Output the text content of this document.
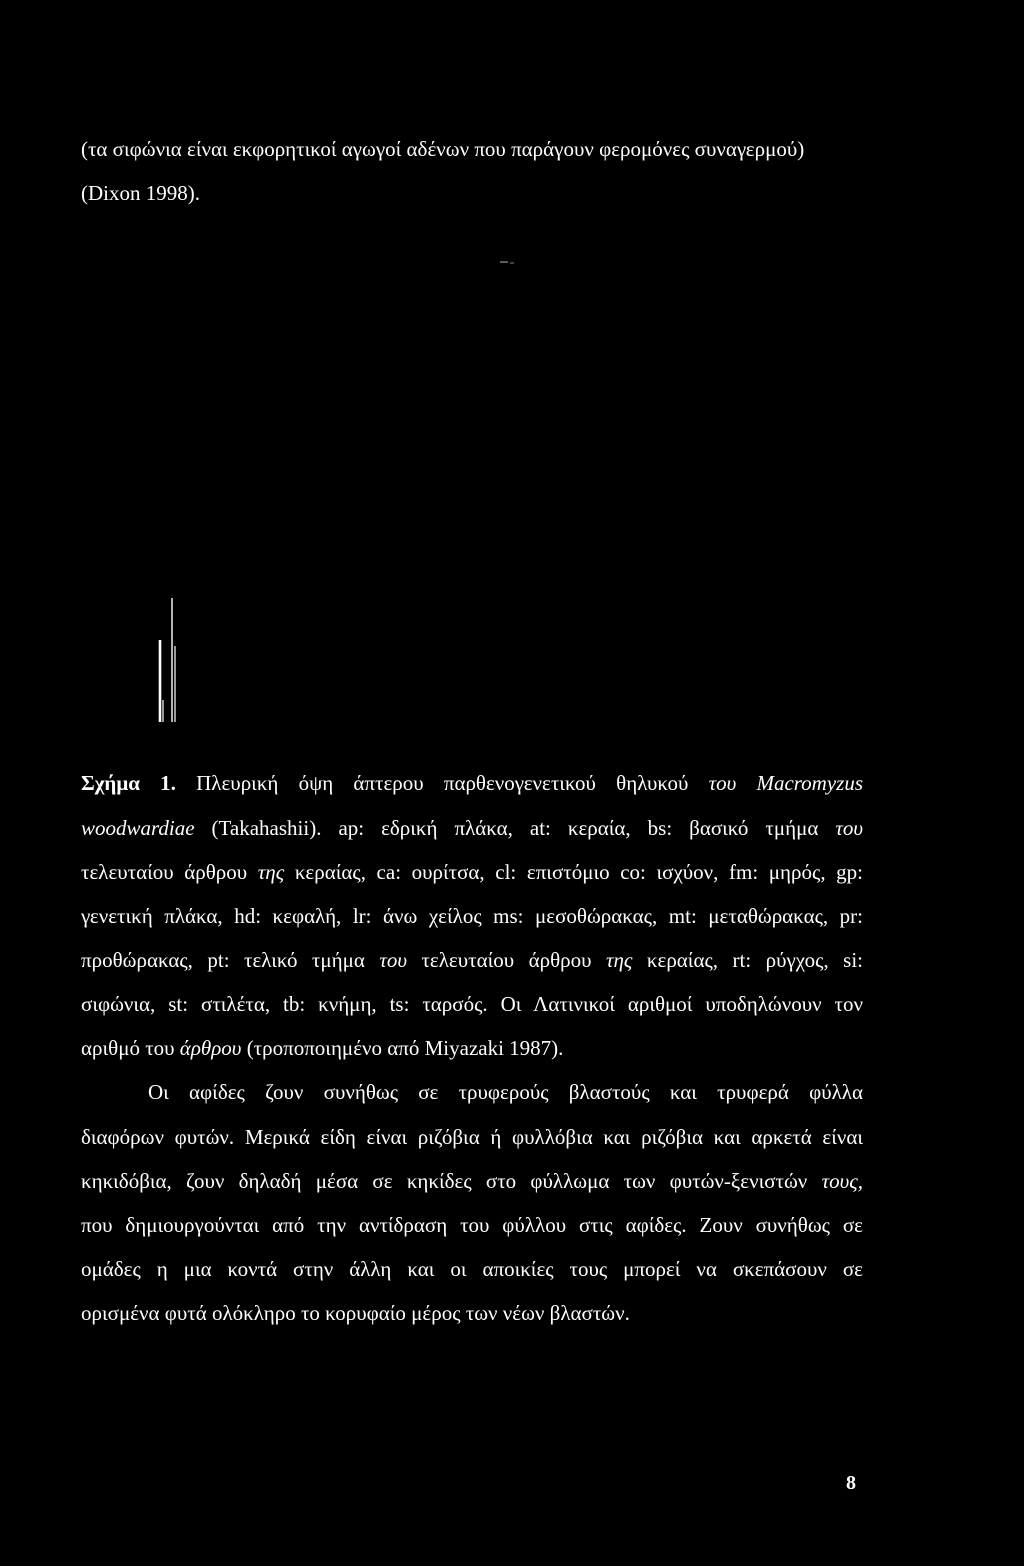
(τα σιφώνια είναι εκφορητικοί αγωγοί αδένων που παράγουν φερομόνες συναγερμού)
(Dixon 1998).
Σχήμα 1. Πλευρική όψη άπτερου παρθενογενετικού θηλυκού του Macromyzus
woodwardiae (Takahashii). ap: εδρική πλάκα, at: κεραία, bs: βασικό τμήμα του
τελευταίου άρθρου της κεραίας, ca: ουρίτσα, cl: επιστόμιο co: ισχύον, fm: μηρός, gp:
γενετική πλάκα, hd: κεφαλή, lr: άνω χείλος ms: μεσοθώρακας, mt: μεταθώρακας, pr:
προθώρακας, pt: τελικό τμήμα του τελευταίου άρθρου της κεραίας, rt: ρύγχος, si:
σιφώνια, st: στιλέτα, tb: κνήμη, ts: ταρσός. Οι Λατινικοί αριθμοί υποδηλώνουν τον
αριθμό του άρθρου (τροποποιημένο από Miyazaki 1987).
Οι αφίδες ζουν συνήθως σε τρυφερούς βλαστούς και τρυφερά φύλλα
διαφόρων φυτών. Μερικά είδη είναι ριζόβια ή φυλλόβια και ριζόβια και αρκετά είναι
κηκιδόβια, ζουν δηλαδή μέσα σε κηκίδες στο φύλλωμα των φυτών-ξενιστών τους,
που δημιουργούνται από την αντίδραση του φύλλου στις αφίδες. Ζουν συνήθως σε
ομάδες η μια κοντά στην άλλη και οι αποικίες τους μπορεί να σκεπάσουν σε
ορισμένα φυτά ολόκληρο το κορυφαίο μέρος των νέων βλαστών.
8
